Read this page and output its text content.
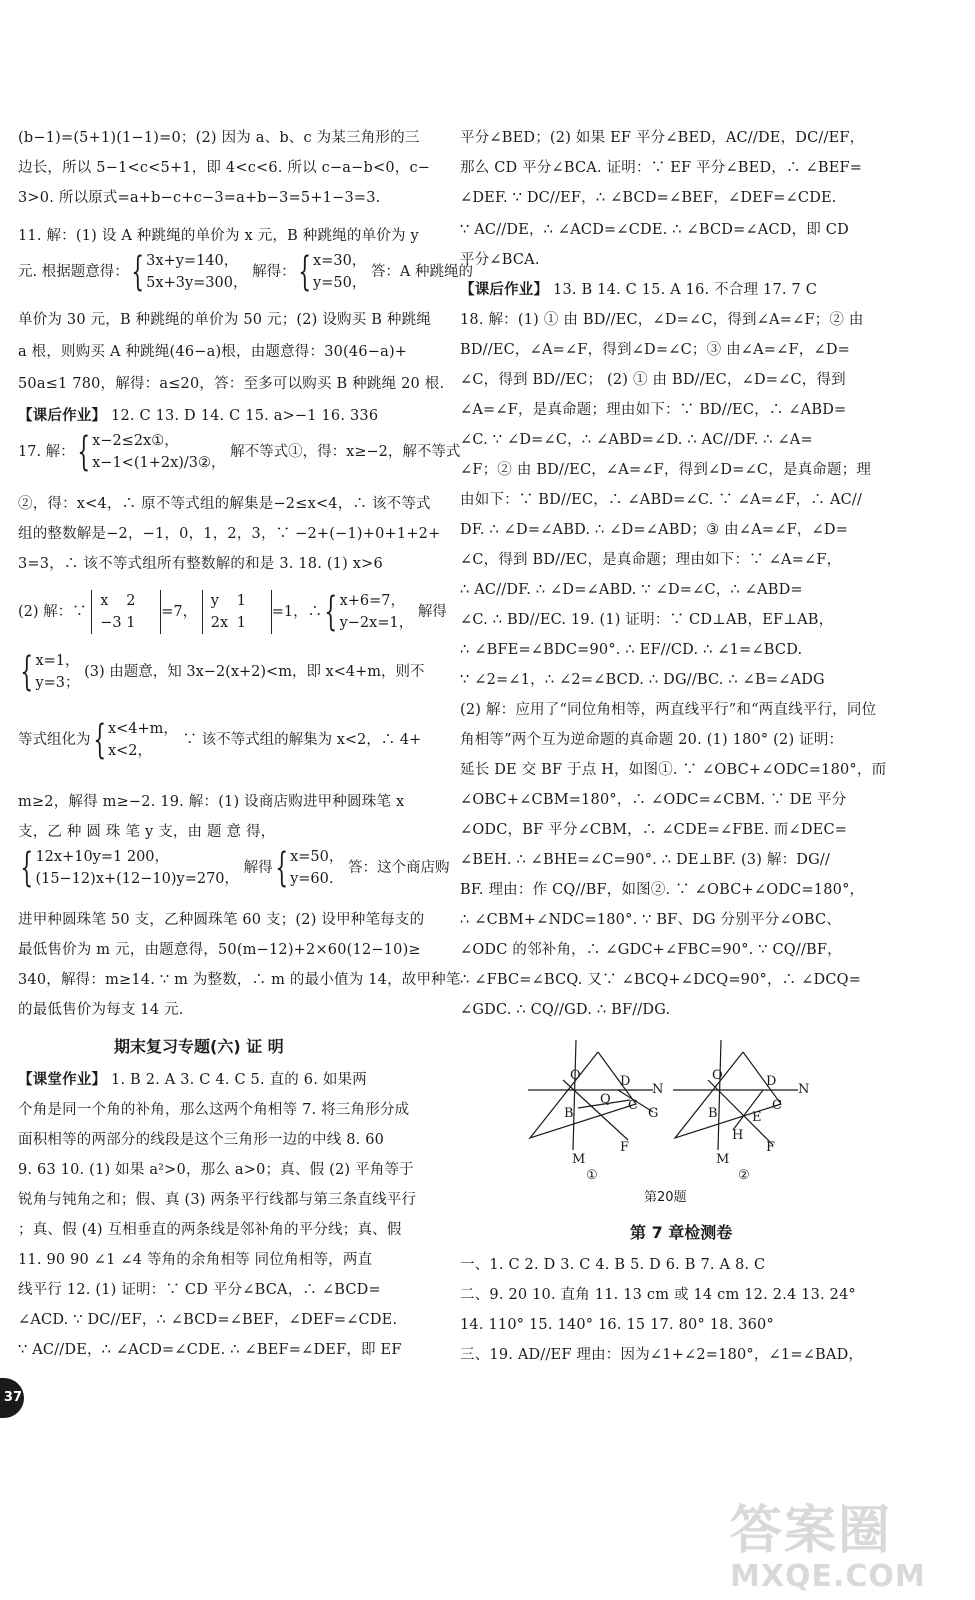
(b−1)=(5+1)(1−1)=0；(2) 因为 a、b、c 为某三角形的三
边长，所以 5−1<c<5+1，即 4<c<6. 所以 c−a−b<0，c−
3>0. 所以原式=a+b−c+c−3=a+b−3=5+1−3=3.
11. 解：(1) 设 A 种跳绳的单价为 x 元，B 种跳绳的单价为 y
元. 根据题意得：{ 3x+y=140，
5x+3y=300， 解得：{ x=30，
y=50， 答：A 种跳绳的
单价为 30 元，B 种跳绳的单价为 50 元；(2) 设购买 B 种跳绳
a 根，则购买 A 种跳绳(46−a)根，由题意得：30(46−a)+
50a≤1 780，解得：a≤20，答：至多可以购买 B 种跳绳 20 根.
【课后作业】 12. C 13. D 14. C 15. a>−1 16. 336
17. 解：{ x−2≤2x①，
x−1<(1+2x)/3②， 解不等式①，得：x≥−2，解不等式
②，得：x<4，∴ 原不等式组的解集是−2≤x<4，∴ 该不等式
组的整数解是−2，−1，0，1，2，3，∵ −2+(−1)+0+1+2+
3=3，∴ 该不等式组所有整数解的和是 3. 18. (1) x>6
(2) 解：∵ x 2
−3 1=7， y 1
2x 1=1，∴{ x+6=7，
y−2x=1， 解得
{ x=1，
y=3； (3) 由题意，知 3x−2(x+2)<m，即 x<4+m，则不
等式组化为{ x<4+m，
x<2， ∵ 该不等式组的解集为 x<2，∴ 4+
m≥2，解得 m≥−2. 19. 解：(1) 设商店购进甲种圆珠笔 x
支，乙 种 圆 珠 笔 y 支，由 题 意 得，
{ 12x+10y=1 200，
(15−12)x+(12−10)y=270， 解得{ x=50，
y=60. 答：这个商店购
进甲种圆珠笔 50 支，乙种圆珠笔 60 支；(2) 设甲种笔每支的
最低售价为 m 元，由题意得，50(m−12)+2×60(12−10)≥
340，解得：m≥14. ∵ m 为整数，∴ m 的最小值为 14，故甲种笔
的最低售价为每支 14 元.
期末复习专题(六) 证 明
【课堂作业】 1. B 2. A 3. C 4. C 5. 直的 6. 如果两
个角是同一个角的补角，那么这两个角相等 7. 将三角形分成
面积相等的两部分的线段是这个三角形一边的中线 8. 60
9. 63 10. (1) 如果 a²>0，那么 a>0；真、假 (2) 平角等于
锐角与钝角之和；假、真 (3) 两条平行线都与第三条直线平行
；真、假 (4) 互相垂直的两条线是邻补角的平分线；真、假
11. 90 90 ∠1 ∠4 等角的余角相等 同位角相等，两直
线平行 12. (1) 证明：∵ CD 平分∠BCA，∴ ∠BCD=
∠ACD. ∵ DC//EF，∴ ∠BCD=∠BEF，∠DEF=∠CDE.
∵ AC//DE，∴ ∠ACD=∠CDE. ∴ ∠BEF=∠DEF，即 EF
平分∠BED；(2) 如果 EF 平分∠BED，AC//DE，DC//EF，
那么 CD 平分∠BCA. 证明：∵ EF 平分∠BED，∴ ∠BEF=
∠DEF. ∵ DC//EF，∴ ∠BCD=∠BEF，∠DEF=∠CDE.
∵ AC//DE，∴ ∠ACD=∠CDE. ∴ ∠BCD=∠ACD，即 CD
平分∠BCA.
【课后作业】 13. B 14. C 15. A 16. 不合理 17. 7 C
18. 解：(1) ① 由 BD//EC，∠D=∠C，得到∠A=∠F；② 由
BD//EC，∠A=∠F，得到∠D=∠C；③ 由∠A=∠F，∠D=
∠C，得到 BD//EC； (2) ① 由 BD//EC，∠D=∠C，得到
∠A=∠F，是真命题；理由如下：∵ BD//EC，∴ ∠ABD=
∠C. ∵ ∠D=∠C，∴ ∠ABD=∠D. ∴ AC//DF. ∴ ∠A=
∠F；② 由 BD//EC，∠A=∠F，得到∠D=∠C，是真命题；理
由如下：∵ BD//EC，∴ ∠ABD=∠C. ∵ ∠A=∠F，∴ AC//
DF. ∴ ∠D=∠ABD. ∴ ∠D=∠ABD；③ 由∠A=∠F，∠D=
∠C，得到 BD//EC，是真命题；理由如下：∵ ∠A=∠F，
∴ AC//DF. ∴ ∠D=∠ABD. ∵ ∠D=∠C，∴ ∠ABD=
∠C. ∴ BD//EC. 19. (1) 证明：∵ CD⊥AB，EF⊥AB，
∴ ∠BFE=∠BDC=90°. ∴ EF//CD. ∴ ∠1=∠BCD.
∵ ∠2=∠1，∴ ∠2=∠BCD. ∴ DG//BC. ∴ ∠B=∠ADG
(2) 解：应用了“同位角相等，两直线平行”和“两直线平行，同位
角相等”两个互为逆命题的真命题 20. (1) 180° (2) 证明：
延长 DE 交 BF 于点 H，如图①. ∵ ∠OBC+∠ODC=180°，而
∠OBC+∠CBM=180°，∴ ∠ODC=∠CBM. ∵ DE 平分
∠ODC，BF 平分∠CBM，∴ ∠CDE=∠FBE. 而∠DEC=
∠BEH. ∴ ∠BHE=∠C=90°. ∴ DE⊥BF. (3) 解：DG//
BF. 理由：作 CQ//BF，如图②. ∵ ∠OBC+∠ODC=180°，
∴ ∠CBM+∠NDC=180°. ∵ BF、DG 分别平分∠OBC、
∠ODC 的邻补角，∴ ∠GDC+∠FBC=90°. ∵ CQ//BF，
∴ ∠FBC=∠BCQ. 又∵ ∠BCQ+∠DCQ=90°，∴ ∠DCQ=
∠GDC. ∴ CQ//GD. ∴ BF//DG.
O	D
N
B
Q C
G
F
M
①
O	D
N
B	E
C
H
F
M
②
第20题
第 7 章检测卷
一、1. C 2. D 3. C 4. B 5. D 6. B 7. A 8. C
二、9. 20 10. 直角 11. 13 cm 或 14 cm 12. 2.4 13. 24°
14. 110° 15. 140° 16. 15 17. 80° 18. 360°
三、19. AD//EF 理由：因为∠1+∠2=180°，∠1=∠BAD，
37
答案圈
MXQE.COM
